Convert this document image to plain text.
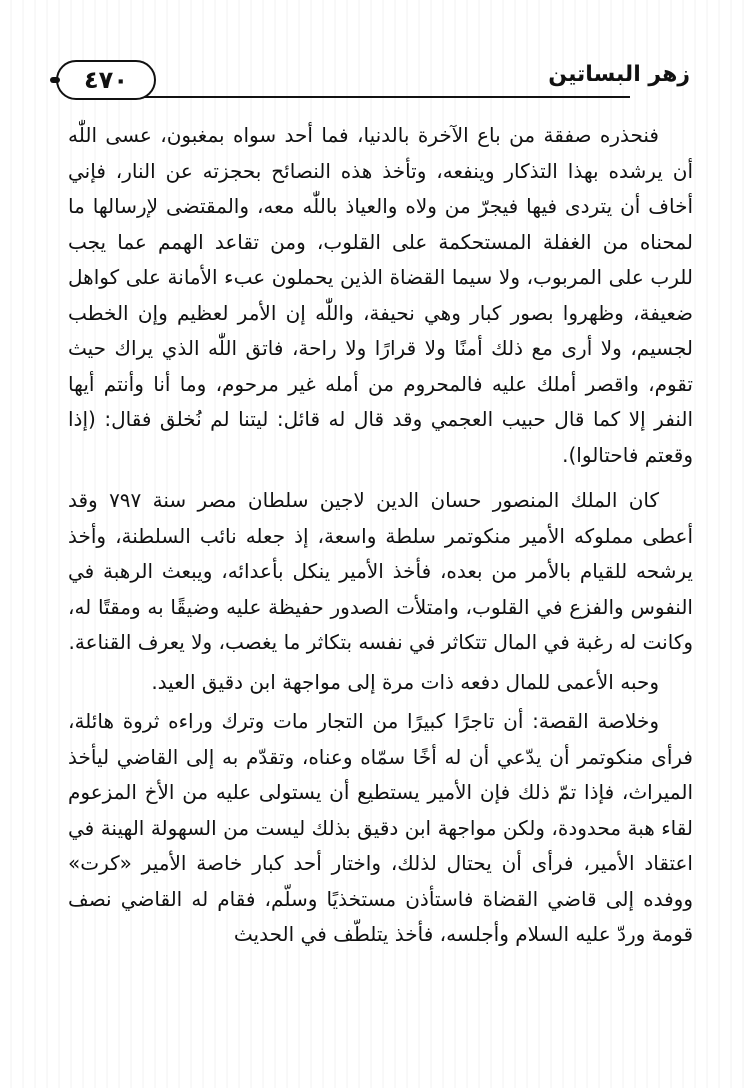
زهر البساتين
٤٧٠

فنحذره صفقة من باع الآخرة بالدنيا، فما أحد سواه بمغبون، عسى اللّٰه أن يرشده بهذا التذكار وينفعه، وتأخذ هذه النصائح بحجزته عن النار، فإني أخاف أن يتردى فيها فيجرّ من ولاه والعياذ باللّٰه معه، والمقتضى لإرسالها ما لمحناه من الغفلة المستحكمة على القلوب، ومن تقاعد الهمم عما يجب للرب على المربوب، ولا سيما القضاة الذين يحملون عبء الأمانة على كواهل ضعيفة، وظهروا بصور كبار وهي نحيفة، واللّٰه إن الأمر لعظيم وإن الخطب لجسيم، ولا أرى مع ذلك أمنًا ولا قرارًا ولا راحة، فاتق اللّٰه الذي يراك حيث تقوم، واقصر أملك عليه فالمحروم من أمله غير مرحوم، وما أنا وأنتم أيها النفر إلا كما قال حبيب العجمي وقد قال له قائل: ليتنا لم نُخلق فقال: (إذا وقعتم فاحتالوا).

كان الملك المنصور حسان الدين لاجين سلطان مصر سنة ٧٩٧ وقد أعطى مملوكه الأمير منكوتمر سلطة واسعة، إذ جعله نائب السلطنة، وأخذ يرشحه للقيام بالأمر من بعده، فأخذ الأمير ينكل بأعدائه، ويبعث الرهبة في النفوس والفزع في القلوب، وامتلأت الصدور حفيظة عليه وضيقًا به ومقتًا له، وكانت له رغبة في المال تتكاثر في نفسه بتكاثر ما يغصب، ولا يعرف القناعة.

وحبه الأعمى للمال دفعه ذات مرة إلى مواجهة ابن دقيق العيد.

وخلاصة القصة: أن تاجرًا كبيرًا من التجار مات وترك وراءه ثروة هائلة، فرأى منكوتمر أن يدّعي أن له أخًا سمّاه وعناه، وتقدّم به إلى القاضي ليأخذ الميراث، فإذا تمّ ذلك فإن الأمير يستطيع أن يستولى عليه من الأخ المزعوم لقاء هبة محدودة، ولكن مواجهة ابن دقيق بذلك ليست من السهولة الهينة في اعتقاد الأمير، فرأى أن يحتال لذلك، واختار أحد كبار خاصة الأمير «كرت» ووفده إلى قاضي القضاة فاستأذن مستخذيًا وسلّم، فقام له القاضي نصف قومة وردّ عليه السلام وأجلسه، فأخذ يتلطّف في الحديث
